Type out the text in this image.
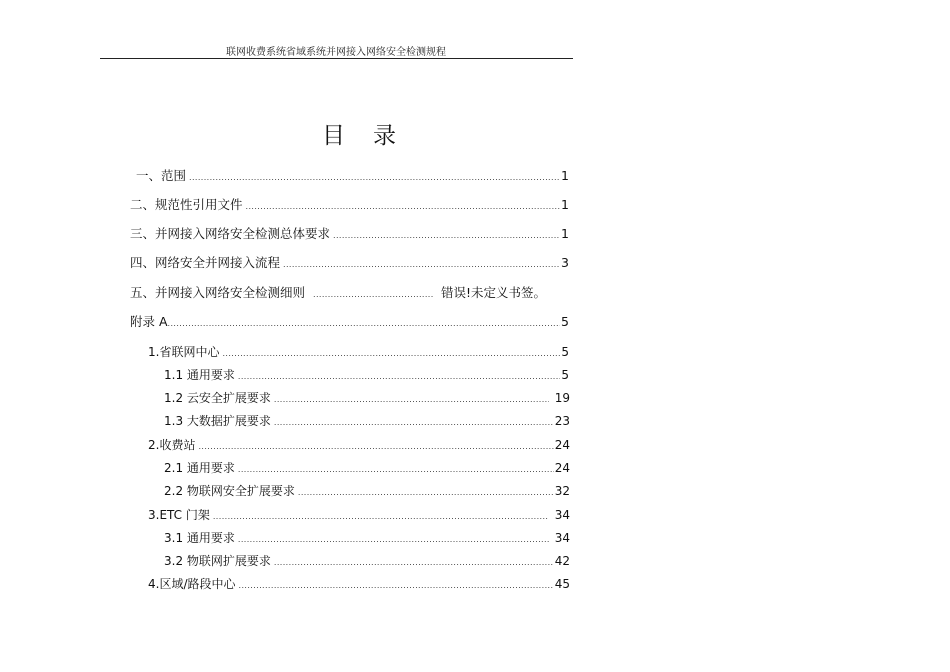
联网收费系统省域系统并网接入网络安全检测规程
目录
一、范围 .....	1
二、规范性引用文件 .....	1
三、并网接入网络安全检测总体要求 .....	1
四、网络安全并网接入流程 .....	3
五、并网接入网络安全检测细则 .....	错误!未定义书签。
附录 A .....	5
1.省联网中心 .....	5
1.1 通用要求 .....	5
1.2 云安全扩展要求 .....	19
1.3 大数据扩展要求 .....	23
2.收费站 .....	24
2.1 通用要求 .....	24
2.2 物联网安全扩展要求 .....	32
3.ETC 门架 .....	34
3.1 通用要求 .....	34
3.2 物联网扩展要求 .....	42
4.区域/路段中心 .....	45
